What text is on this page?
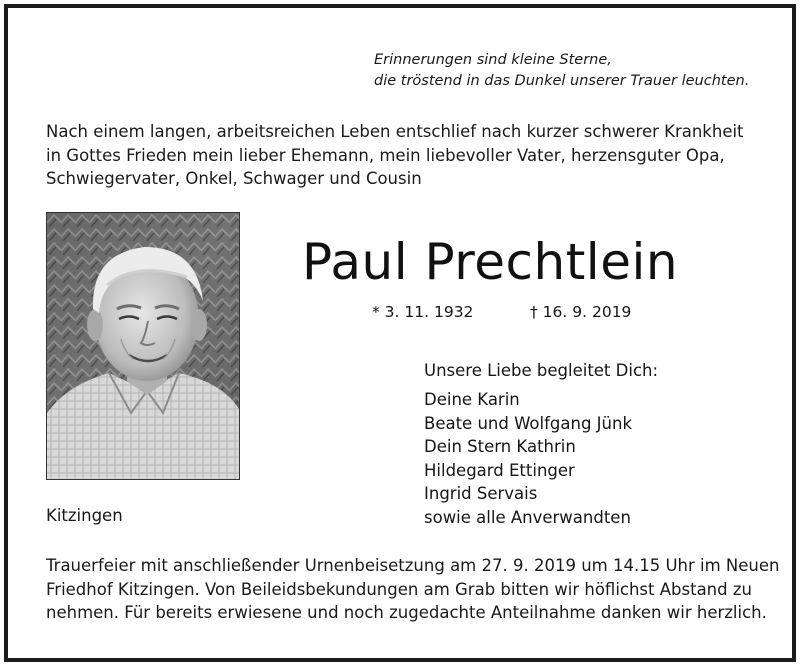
Erinnerungen sind kleine Sterne,
die tröstend in das Dunkel unserer Trauer leuchten.
Nach einem langen, arbeitsreichen Leben entschlief nach kurzer schwerer Krankheit
in Gottes Frieden mein lieber Ehemann, mein liebevoller Vater, herzensguter Opa,
Schwiegervater, Onkel, Schwager und Cousin
Paul Prechtlein
* 3. 11. 1932	† 16. 9. 2019
Unsere Liebe begleitet Dich:
Deine Karin
Beate und Wolfgang Jünk
Dein Stern Kathrin
Hildegard Ettinger
Ingrid Servais
sowie alle Anverwandten
Kitzingen
Trauerfeier mit anschließender Urnenbeisetzung am 27. 9. 2019 um 14.15 Uhr im Neuen
Friedhof Kitzingen. Von Beileidsbekundungen am Grab bitten wir höflichst Abstand zu
nehmen. Für bereits erwiesene und noch zugedachte Anteilnahme danken wir herzlich.
